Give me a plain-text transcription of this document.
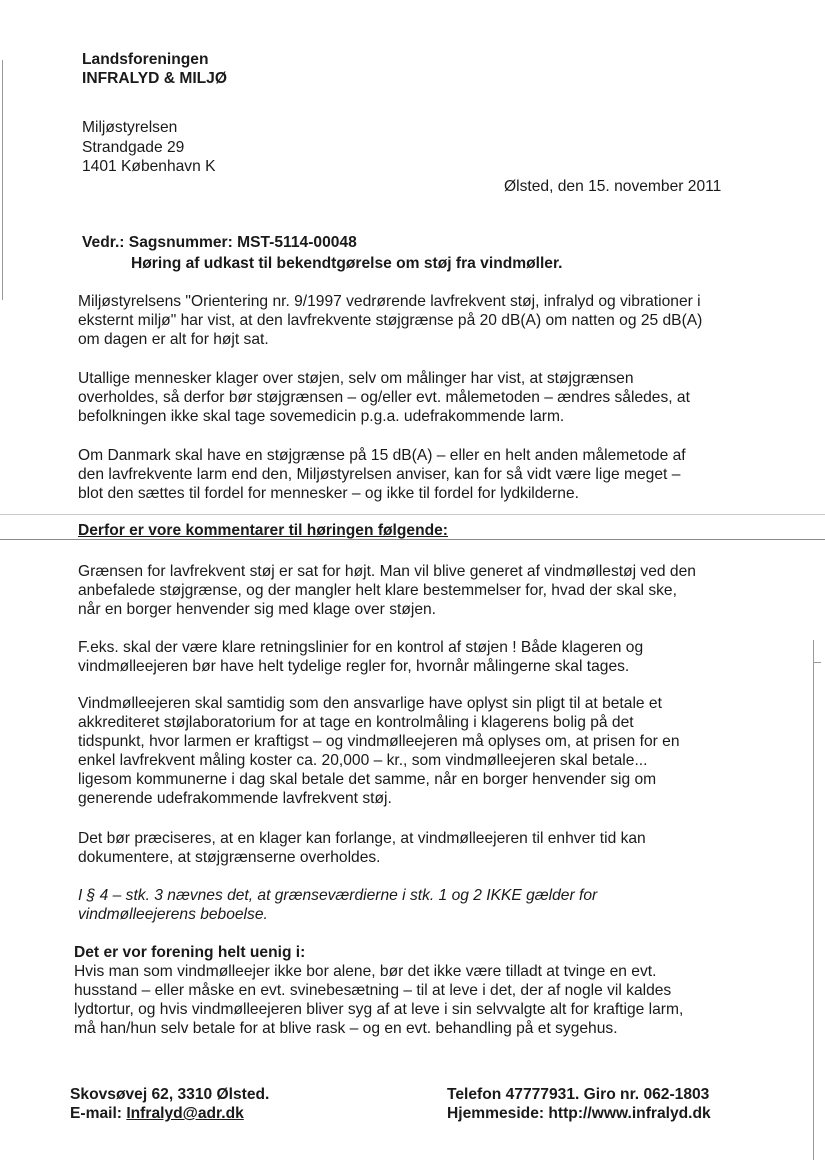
Landsforeningen
INFRALYD & MILJØ
Miljøstyrelsen
Strandgade 29
1401 København K
Ølsted, den 15. november 2011
Vedr.: Sagsnummer: MST-5114-00048
Høring af udkast til bekendtgørelse om støj fra vindmøller.
Miljøstyrelsens "Orientering nr. 9/1997 vedrørende lavfrekvent støj, infralyd og vibrationer i
eksternt miljø" har vist, at den lavfrekvente støjgrænse på 20 dB(A) om natten og 25 dB(A)
om dagen er alt for højt sat.
Utallige mennesker klager over støjen, selv om målinger har vist, at støjgrænsen
overholdes, så derfor bør støjgrænsen – og/eller evt. målemetoden – ændres således, at
befolkningen ikke skal tage sovemedicin p.g.a. udefrakommende larm.
Om Danmark skal have en støjgrænse på 15 dB(A) – eller en helt anden målemetode af
den lavfrekvente larm end den, Miljøstyrelsen anviser, kan for så vidt være lige meget –
blot den sættes til fordel for mennesker – og ikke til fordel for lydkilderne.
Derfor er vore kommentarer til høringen følgende:
Grænsen for lavfrekvent støj er sat for højt. Man vil blive generet af vindmøllestøj ved den
anbefalede støjgrænse, og der mangler helt klare bestemmelser for, hvad der skal ske,
når en borger henvender sig med klage over støjen.
F.eks. skal der være klare retningslinier for en kontrol af støjen ! Både klageren og
vindmølleejeren bør have helt tydelige regler for, hvornår målingerne skal tages.
Vindmølleejeren skal samtidig som den ansvarlige have oplyst sin pligt til at betale et
akkrediteret støjlaboratorium for at tage en kontrolmåling i klagerens bolig på det
tidspunkt, hvor larmen er kraftigst – og vindmølleejeren må oplyses om, at prisen for en
enkel lavfrekvent måling koster ca. 20,000 – kr., som vindmølleejeren skal betale...
ligesom kommunerne i dag skal betale det samme, når en borger henvender sig om
generende udefrakommende lavfrekvent støj.
Det bør præciseres, at en klager kan forlange, at vindmølleejeren til enhver tid kan
dokumentere, at støjgrænserne overholdes.
I § 4 – stk. 3 nævnes det, at grænseværdierne i stk. 1 og 2 IKKE gælder for
vindmølleejerens beboelse.
Det er vor forening helt uenig i:
Hvis man som vindmølleejer ikke bor alene, bør det ikke være tilladt at tvinge en evt.
husstand – eller måske en evt. svinebesætning – til at leve i det, der af nogle vil kaldes
lydtortur, og hvis vindmølleejeren bliver syg af at leve i sin selvvalgte alt for kraftige larm,
må han/hun selv betale for at blive rask – og en evt. behandling på et sygehus.
Skovsøvej 62, 3310 Ølsted.
E-mail: Infralyd@adr.dk
Telefon 47777931. Giro nr. 062-1803
Hjemmeside: http://www.infralyd.dk
